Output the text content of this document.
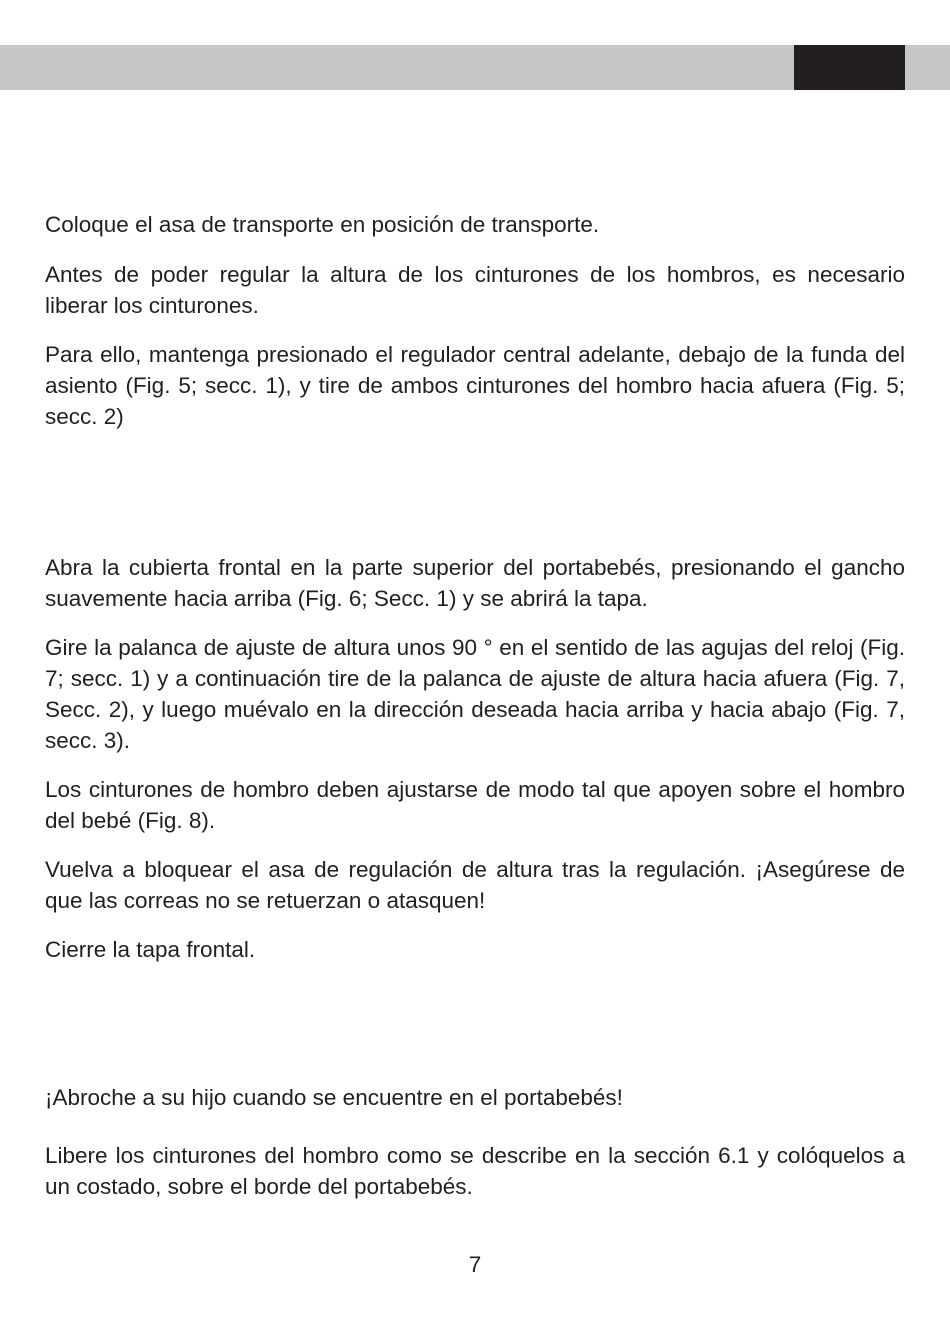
Coloque el asa de transporte en posición de transporte.

Antes de poder regular la altura de los cinturones de los hombros, es necesario liberar los cinturones.

Para ello, mantenga presionado el regulador central adelante, debajo de la funda del asiento (Fig. 5; secc. 1), y tire de ambos cinturones del hombro hacia afuera (Fig. 5; secc. 2)

Abra la cubierta frontal en la parte superior del portabebés, presionando el gancho suavemente hacia arriba (Fig. 6; Secc. 1) y se abrirá la tapa.

Gire la palanca de ajuste de altura unos 90 ° en el sentido de las agujas del reloj (Fig. 7; secc. 1) y a continuación tire de la palanca de ajuste de altura hacia afuera (Fig. 7, Secc. 2), y luego muévalo en la dirección deseada hacia arriba y hacia abajo (Fig. 7, secc. 3).

Los cinturones de hombro deben ajustarse de modo tal que apoyen sobre el hombro del bebé (Fig. 8).

Vuelva a bloquear el asa de regulación de altura tras la regulación. ¡Asegúrese de que las correas no se retuerzan o atasquen!

Cierre la tapa frontal.

¡Abroche a su hijo cuando se encuentre en el portabebés!

Libere los cinturones del hombro como se describe en la sección 6.1 y colóquelos a un costado, sobre el borde del portabebés.

7
